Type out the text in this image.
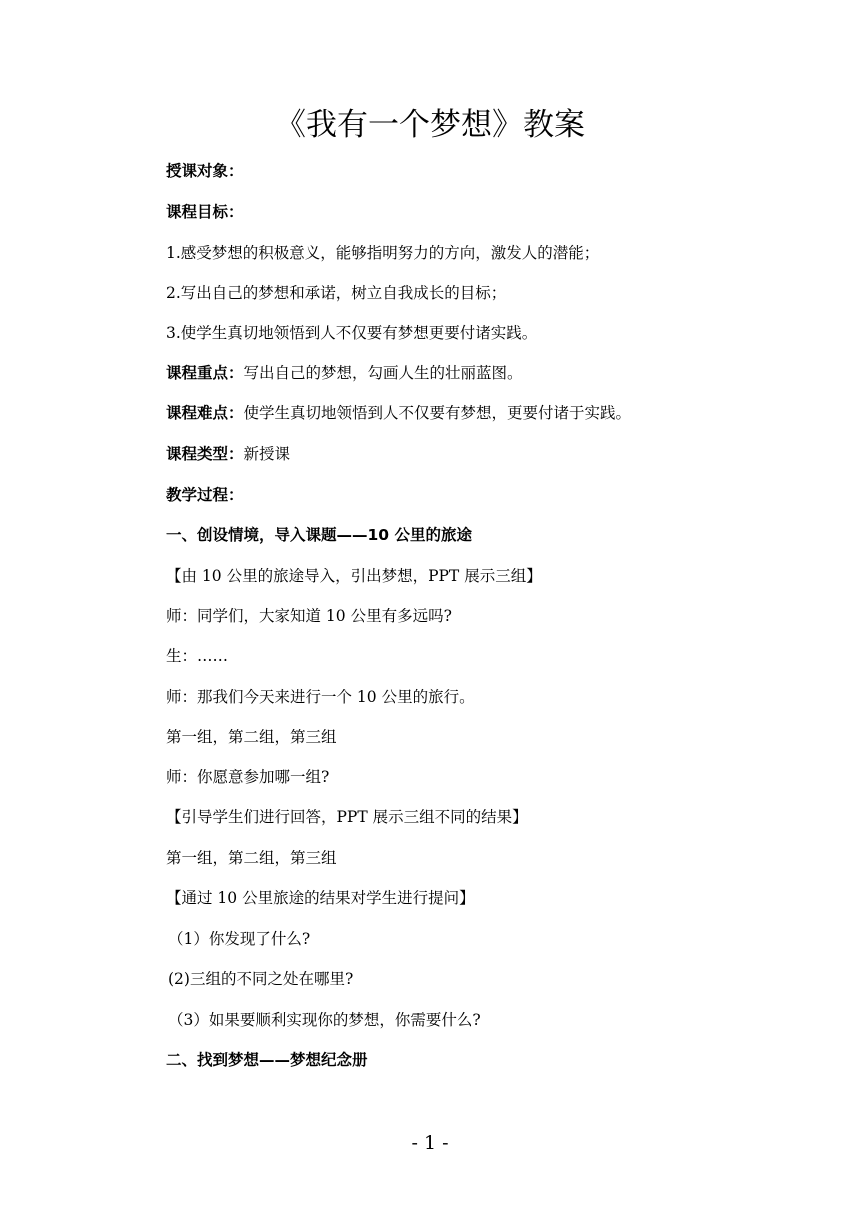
《我有一个梦想》教案
授课对象：
课程目标：
1.感受梦想的积极意义，能够指明努力的方向，激发人的潜能；
2.写出自己的梦想和承诺，树立自我成长的目标；
3.使学生真切地领悟到人不仅要有梦想更要付诸实践。
课程重点：写出自己的梦想，勾画人生的壮丽蓝图。
课程难点：使学生真切地领悟到人不仅要有梦想，更要付诸于实践。
课程类型：新授课
教学过程：
一、创设情境，导入课题——10 公里的旅途
【由 10 公里的旅途导入，引出梦想，PPT 展示三组】
师：同学们，大家知道 10 公里有多远吗?
生：……
师：那我们今天来进行一个 10 公里的旅行。
第一组，第二组，第三组
师：你愿意参加哪一组?
【引导学生们进行回答，PPT 展示三组不同的结果】
第一组，第二组，第三组
【通过 10 公里旅途的结果对学生进行提问】
（1）你发现了什么?
(2)三组的不同之处在哪里?
（3）如果要顺利实现你的梦想，你需要什么?
二、找到梦想——梦想纪念册
- 1 -
